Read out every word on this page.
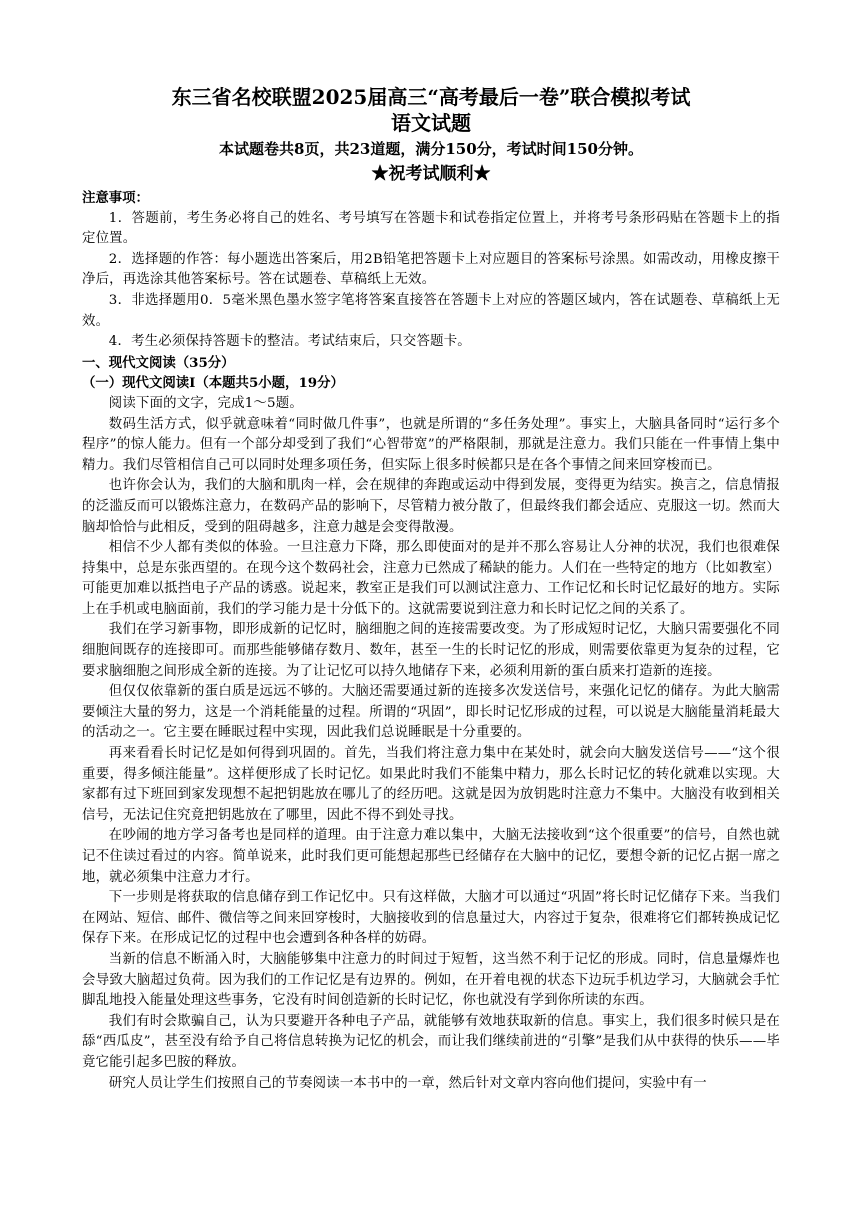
东三省名校联盟2025届高三“高考最后一卷”联合模拟考试

语文试题

本试题卷共8页，共23道题，满分150分，考试时间150分钟。

★祝考试顺利★

注意事项：

1．答题前，考生务必将自己的姓名、考号填写在答题卡和试卷指定位置上，并将考号条形码贴在答题卡上的指定位置。

2．选择题的作答：每小题选出答案后，用2B铅笔把答题卡上对应题目的答案标号涂黑。如需改动，用橡皮擦干净后，再选涂其他答案标号。答在试题卷、草稿纸上无效。

3．非选择题用0．5毫米黑色墨水签字笔将答案直接答在答题卡上对应的答题区域内，答在试题卷、草稿纸上无效。

4．考生必须保持答题卡的整洁。考试结束后，只交答题卡。

一、现代文阅读（35分）

（一）现代文阅读Ⅰ（本题共5小题，19分）

阅读下面的文字，完成1～5题。

数码生活方式，似乎就意味着“同时做几件事”，也就是所谓的“多任务处理”。事实上，大脑具备同时“运行多个程序”的惊人能力。但有一个部分却受到了我们“心智带宽”的严格限制，那就是注意力。我们只能在一件事情上集中精力。我们尽管相信自己可以同时处理多项任务，但实际上很多时候都只是在各个事情之间来回穿梭而已。

也许你会认为，我们的大脑和肌肉一样，会在规律的奔跑或运动中得到发展，变得更为结实。换言之，信息情报的泛滥反而可以锻炼注意力，在数码产品的影响下，尽管精力被分散了，但最终我们都会适应、克服这一切。然而大脑却恰恰与此相反，受到的阻碍越多，注意力越是会变得散漫。

相信不少人都有类似的体验。一旦注意力下降，那么即使面对的是并不那么容易让人分神的状况，我们也很难保持集中，总是东张西望的。在现今这个数码社会，注意力已然成了稀缺的能力。人们在一些特定的地方（比如教室）可能更加难以抵挡电子产品的诱惑。说起来，教室正是我们可以测试注意力、工作记忆和长时记忆最好的地方。实际上在手机或电脑面前，我们的学习能力是十分低下的。这就需要说到注意力和长时记忆之间的关系了。

我们在学习新事物，即形成新的记忆时，脑细胞之间的连接需要改变。为了形成短时记忆，大脑只需要强化不同细胞间既存的连接即可。而那些能够储存数月、数年，甚至一生的长时记忆的形成，则需要依靠更为复杂的过程，它要求脑细胞之间形成全新的连接。为了让记忆可以持久地储存下来，必须利用新的蛋白质来打造新的连接。

但仅仅依靠新的蛋白质是远远不够的。大脑还需要通过新的连接多次发送信号，来强化记忆的储存。为此大脑需要倾注大量的努力，这是一个消耗能量的过程。所谓的“巩固”，即长时记忆形成的过程，可以说是大脑能量消耗最大的活动之一。它主要在睡眠过程中实现，因此我们总说睡眠是十分重要的。

再来看看长时记忆是如何得到巩固的。首先，当我们将注意力集中在某处时，就会向大脑发送信号——“这个很重要，得多倾注能量”。这样便形成了长时记忆。如果此时我们不能集中精力，那么长时记忆的转化就难以实现。大家都有过下班回到家发现想不起把钥匙放在哪儿了的经历吧。这就是因为放钥匙时注意力不集中。大脑没有收到相关信号，无法记住究竟把钥匙放在了哪里，因此不得不到处寻找。

在吵闹的地方学习备考也是同样的道理。由于注意力难以集中，大脑无法接收到“这个很重要”的信号，自然也就记不住读过看过的内容。简单说来，此时我们更可能想起那些已经储存在大脑中的记忆，要想令新的记忆占据一席之地，就必须集中注意力才行。

下一步则是将获取的信息储存到工作记忆中。只有这样做，大脑才可以通过“巩固”将长时记忆储存下来。当我们在网站、短信、邮件、微信等之间来回穿梭时，大脑接收到的信息量过大，内容过于复杂，很难将它们都转换成记忆保存下来。在形成记忆的过程中也会遭到各种各样的妨碍。

当新的信息不断涌入时，大脑能够集中注意力的时间过于短暂，这当然不利于记忆的形成。同时，信息量爆炸也会导致大脑超过负荷。因为我们的工作记忆是有边界的。例如，在开着电视的状态下边玩手机边学习，大脑就会手忙脚乱地投入能量处理这些事务，它没有时间创造新的长时记忆，你也就没有学到你所读的东西。

我们有时会欺骗自己，认为只要避开各种电子产品，就能够有效地获取新的信息。事实上，我们很多时候只是在舔“西瓜皮”，甚至没有给予自己将信息转换为记忆的机会，而让我们继续前进的“引擎”是我们从中获得的快乐——毕竟它能引起多巴胺的释放。

研究人员让学生们按照自己的节奏阅读一本书中的一章，然后针对文章内容向他们提问，实验中有一
